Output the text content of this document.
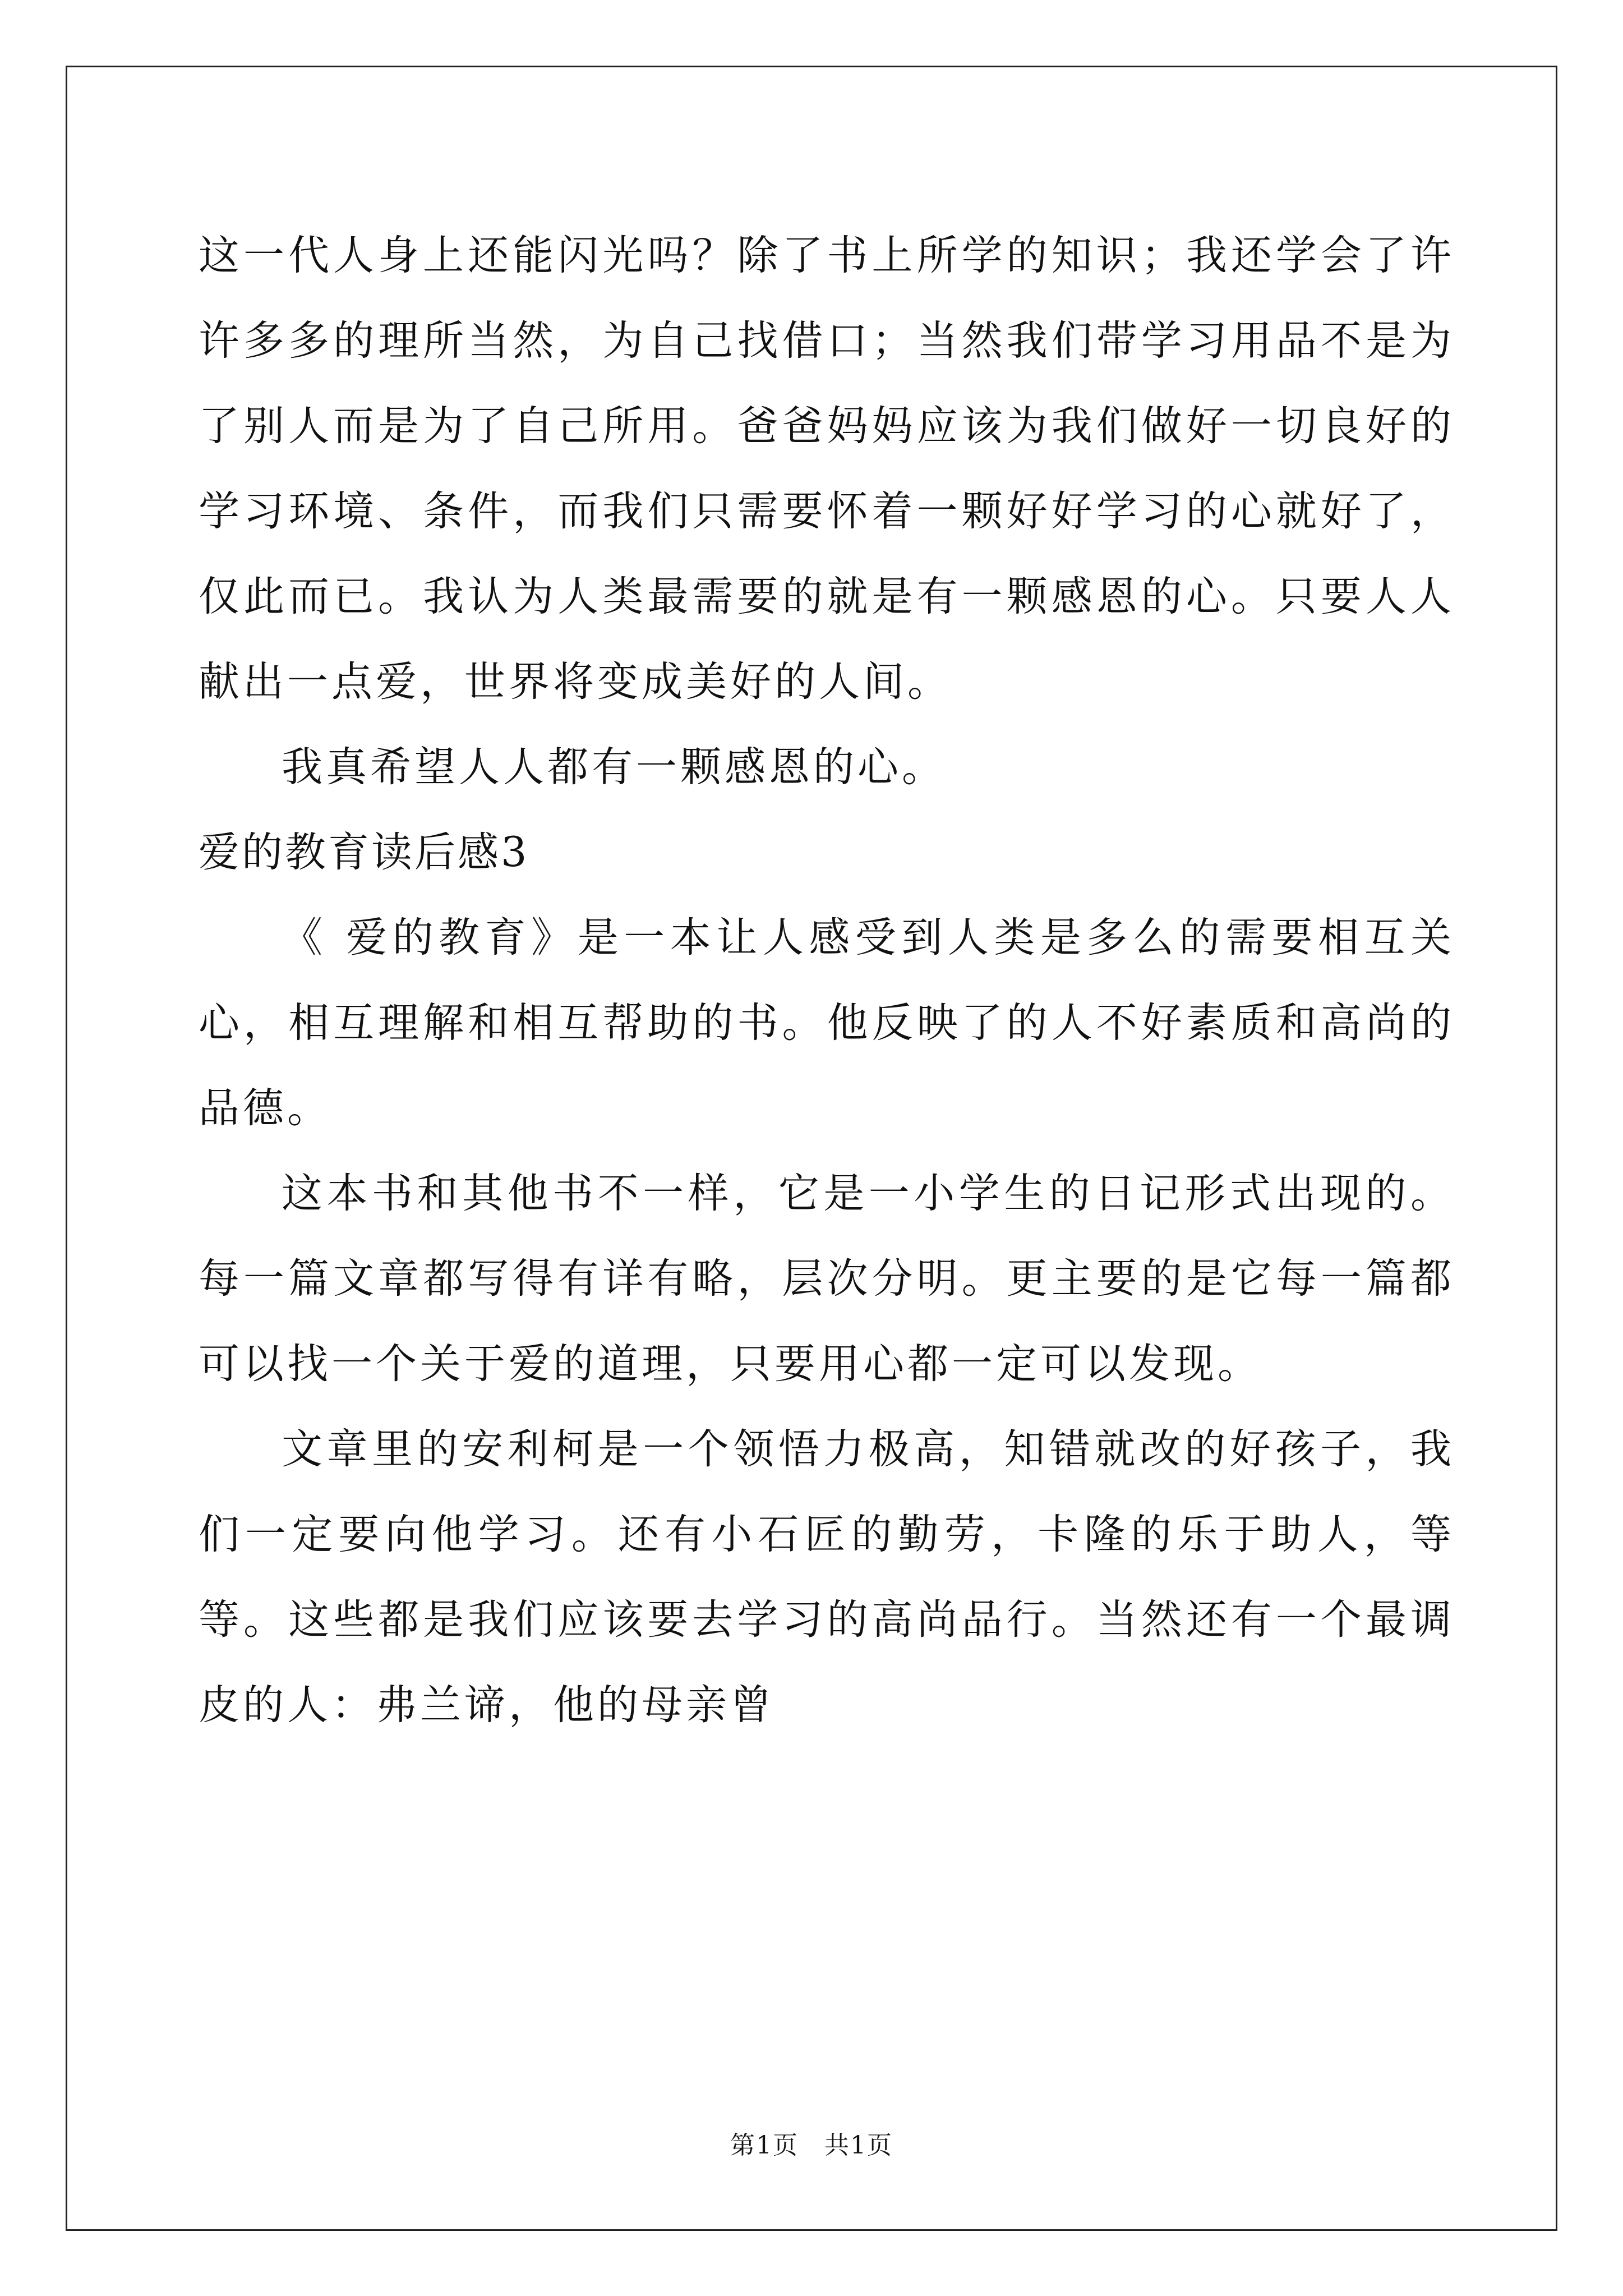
这一代人身上还能闪光吗？除了书上所学的知识；我还学会了许许多多的理所当然，为自己找借口；当然我们带学习用品不是为了别人而是为了自己所用。爸爸妈妈应该为我们做好一切良好的学习环境、条件，而我们只需要怀着一颗好好学习的心就好了，仅此而已。我认为人类最需要的就是有一颗感恩的心。只要人人献出一点爱，世界将变成美好的人间。

我真希望人人都有一颗感恩的心。

爱的教育读后感3

《 爱的教育》是一本让人感受到人类是多么的需要相互关心，相互理解和相互帮助的书。他反映了的人不好素质和高尚的品德。

这本书和其他书不一样，它是一小学生的日记形式出现的。每一篇文章都写得有详有略，层次分明。更主要的是它每一篇都可以找一个关于爱的道理，只要用心都一定可以发现。

文章里的安利柯是一个领悟力极高，知错就改的好孩子，我们一定要向他学习。还有小石匠的勤劳，卡隆的乐于助人，等等。这些都是我们应该要去学习的高尚品行。当然还有一个最调皮的人：弗兰谛，他的母亲曾

第1页　共1页
